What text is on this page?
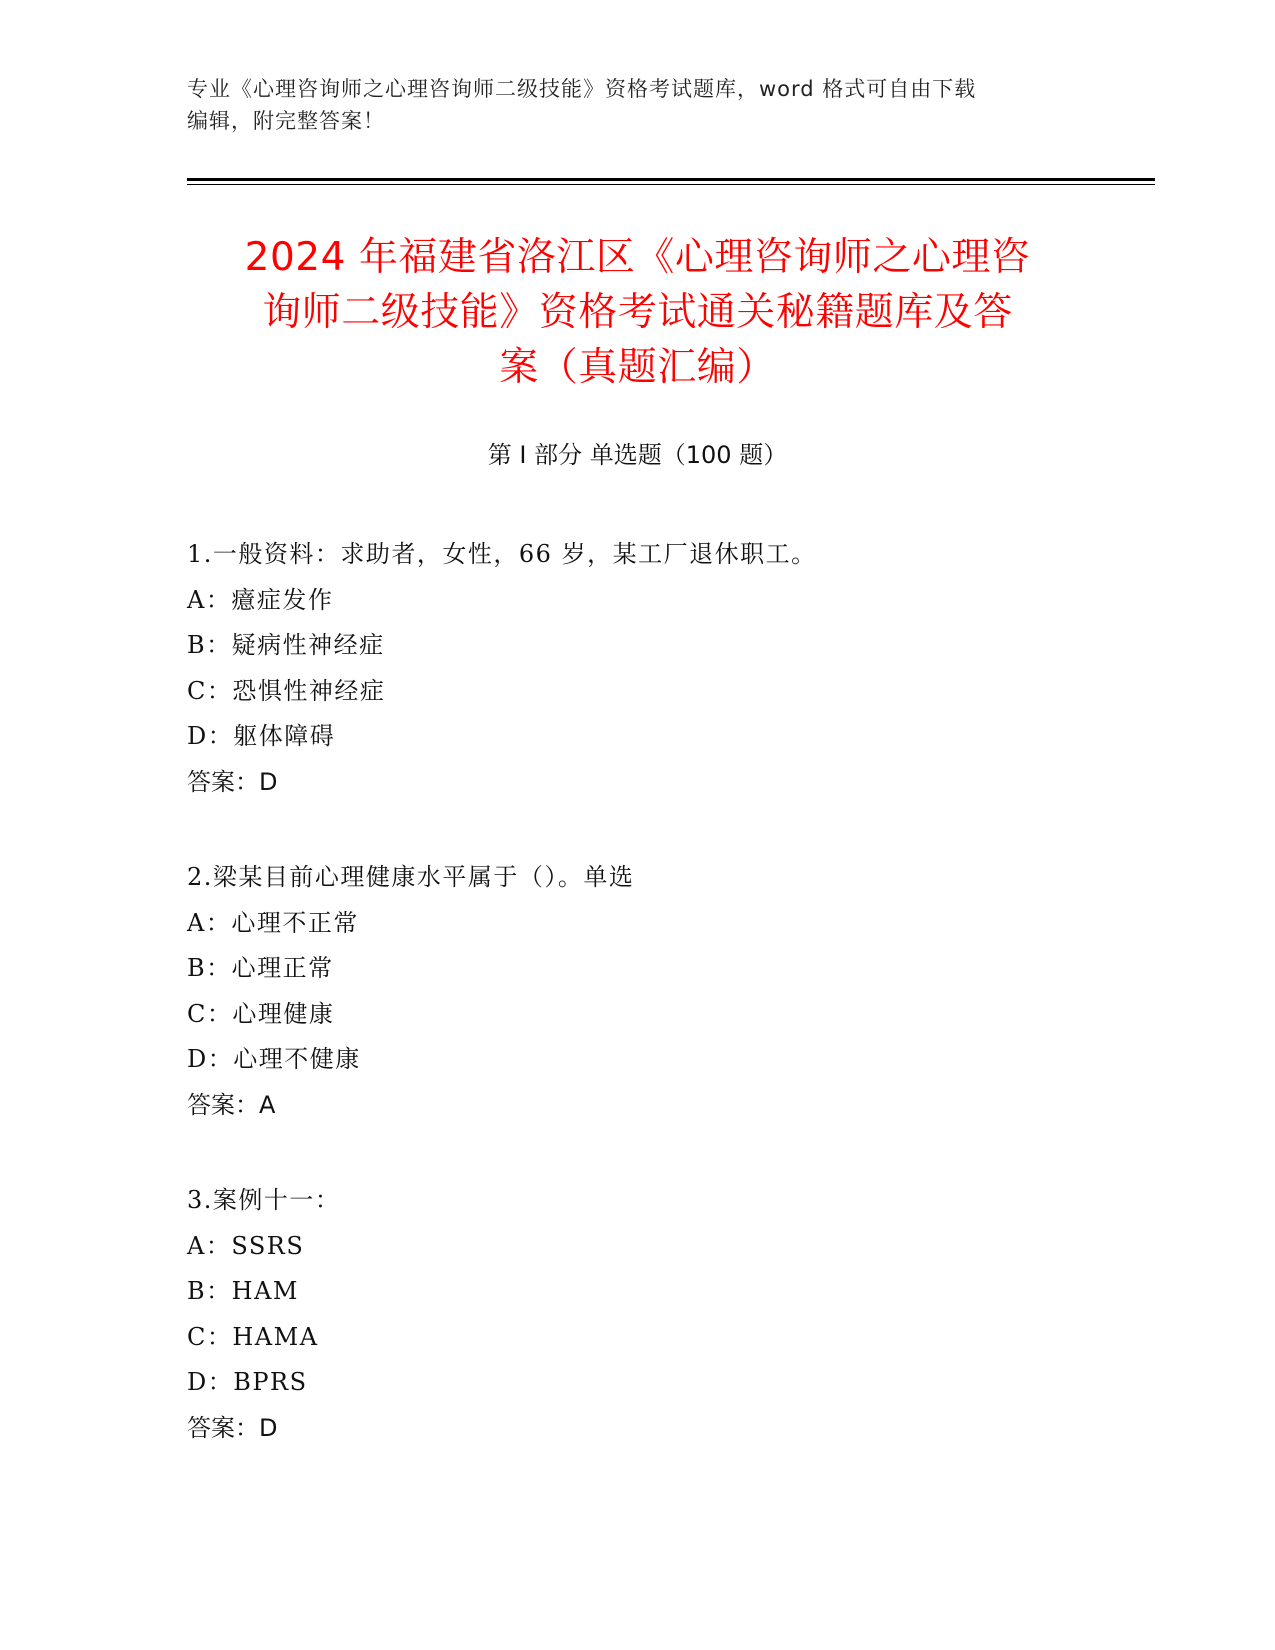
专业《心理咨询师之心理咨询师二级技能》资格考试题库，word 格式可自由下载
编辑，附完整答案！
2024 年福建省洛江区《心理咨询师之心理咨
询师二级技能》资格考试通关秘籍题库及答
案（真题汇编）
第 I 部分 单选题（100 题）
1.一般资料：求助者，女性，66 岁，某工厂退休职工。
A：癔症发作
B：疑病性神经症
C：恐惧性神经症
D：躯体障碍
答案：D
2.梁某目前心理健康水平属于（）。单选
A：心理不正常
B：心理正常
C：心理健康
D：心理不健康
答案：A
3.案例十一：
A：SSRS
B：HAM
C：HAMA
D：BPRS
答案：D
